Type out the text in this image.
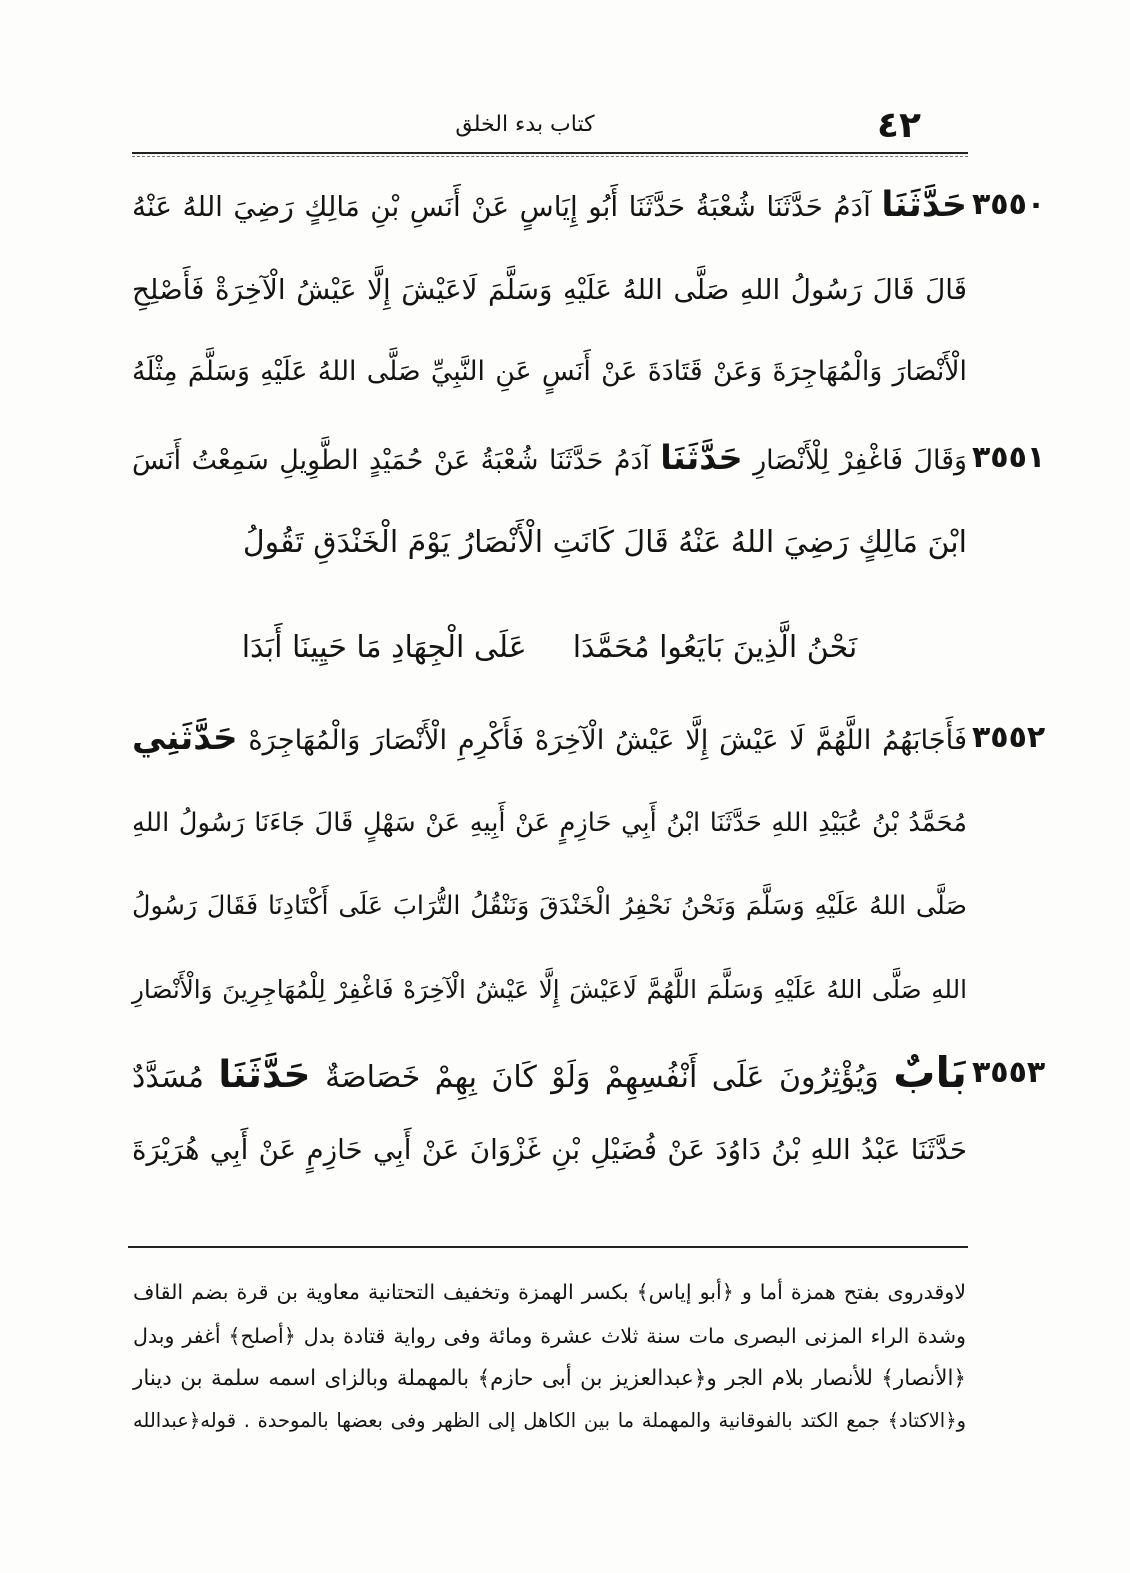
كتاب بدء الخلق	٤٢
٣٥٥٠
حَدَّثَنَا آدَمُ حَدَّثَنَا شُعْبَةُ حَدَّثَنَا أَبُو إِيَاسٍ عَنْ أَنَسِ بْنِ مَالِكٍ رَضِيَ اللهُ عَنْهُ
قَالَ قَالَ رَسُولُ اللهِ صَلَّى اللهُ عَلَيْهِ وَسَلَّمَ لَاعَيْشَ إِلَّا عَيْشُ الْآخِرَةْ فَأَصْلِحِ
الْأَنْصَارَ وَالْمُهَاجِرَةَ وَعَنْ قَتَادَةَ عَنْ أَنَسٍ عَنِ النَّبِيِّ صَلَّى اللهُ عَلَيْهِ وَسَلَّمَ مِثْلَهُ
٣٥٥١
وَقَالَ فَاغْفِرْ لِلْأَنْصَارِ حَدَّثَنَا آدَمُ حَدَّثَنَا شُعْبَةُ عَنْ حُمَيْدٍ الطَّوِيلِ سَمِعْتُ أَنَسَ
ابْنَ مَالِكٍ رَضِيَ اللهُ عَنْهُ قَالَ كَانَتِ الْأَنْصَارُ يَوْمَ الْخَنْدَقِ تَقُولُ
نَحْنُ الَّذِينَ بَايَعُوا مُحَمَّدَا
عَلَى الْجِهَادِ مَا حَيِينَا أَبَدَا
٣٥٥٢
فَأَجَابَهُمُ اللَّهُمَّ لَا عَيْشَ إِلَّا عَيْشُ الْآخِرَهْ فَأَكْرِمِ الْأَنْصَارَ وَالْمُهَاجِرَهْ حَدَّثَنِي
مُحَمَّدُ بْنُ عُبَيْدِ اللهِ حَدَّثَنَا ابْنُ أَبِي حَازِمٍ عَنْ أَبِيهِ عَنْ سَهْلٍ قَالَ جَاءَنَا رَسُولُ اللهِ
صَلَّى اللهُ عَلَيْهِ وَسَلَّمَ وَنَحْنُ نَحْفِرُ الْخَنْدَقَ وَنَنْقُلُ التُّرَابَ عَلَى أَكْتَادِنَا فَقَالَ رَسُولُ
اللهِ صَلَّى اللهُ عَلَيْهِ وَسَلَّمَ اللَّهُمَّ لَاعَيْشَ إِلَّا عَيْشُ الْآخِرَهْ فَاغْفِرْ لِلْمُهَاجِرِينَ وَالْأَنْصَارِ
٣٥٥٣
بَابٌ وَيُؤْثِرُونَ عَلَى أَنْفُسِهِمْ وَلَوْ كَانَ بِهِمْ خَصَاصَةٌ حَدَّثَنَا مُسَدَّدٌ
حَدَّثَنَا عَبْدُ اللهِ بْنُ دَاوُدَ عَنْ فُضَيْلِ بْنِ غَزْوَانَ عَنْ أَبِي حَازِمٍ عَنْ أَبِي هُرَيْرَةَ
لاوقدروى بفتح همزة أما و ﴿أبو إياس﴾ بكسر الهمزة وتخفيف التحتانية معاوية بن قرة بضم القاف
وشدة الراء المزنى البصرى مات سنة ثلاث عشرة ومائة وفى رواية قتادة بدل ﴿أصلح﴾ أغفر وبدل
﴿الأنصار﴾ للأنصار بلام الجر و﴿عبدالعزيز بن أبى حازم﴾ بالمهملة وبالزاى اسمه سلمة بن دينار
و﴿الاكتاد﴾ جمع الكتد بالفوقانية والمهملة ما بين الكاهل إلى الظهر وفى بعضها بالموحدة . قوله﴿عبدالله
